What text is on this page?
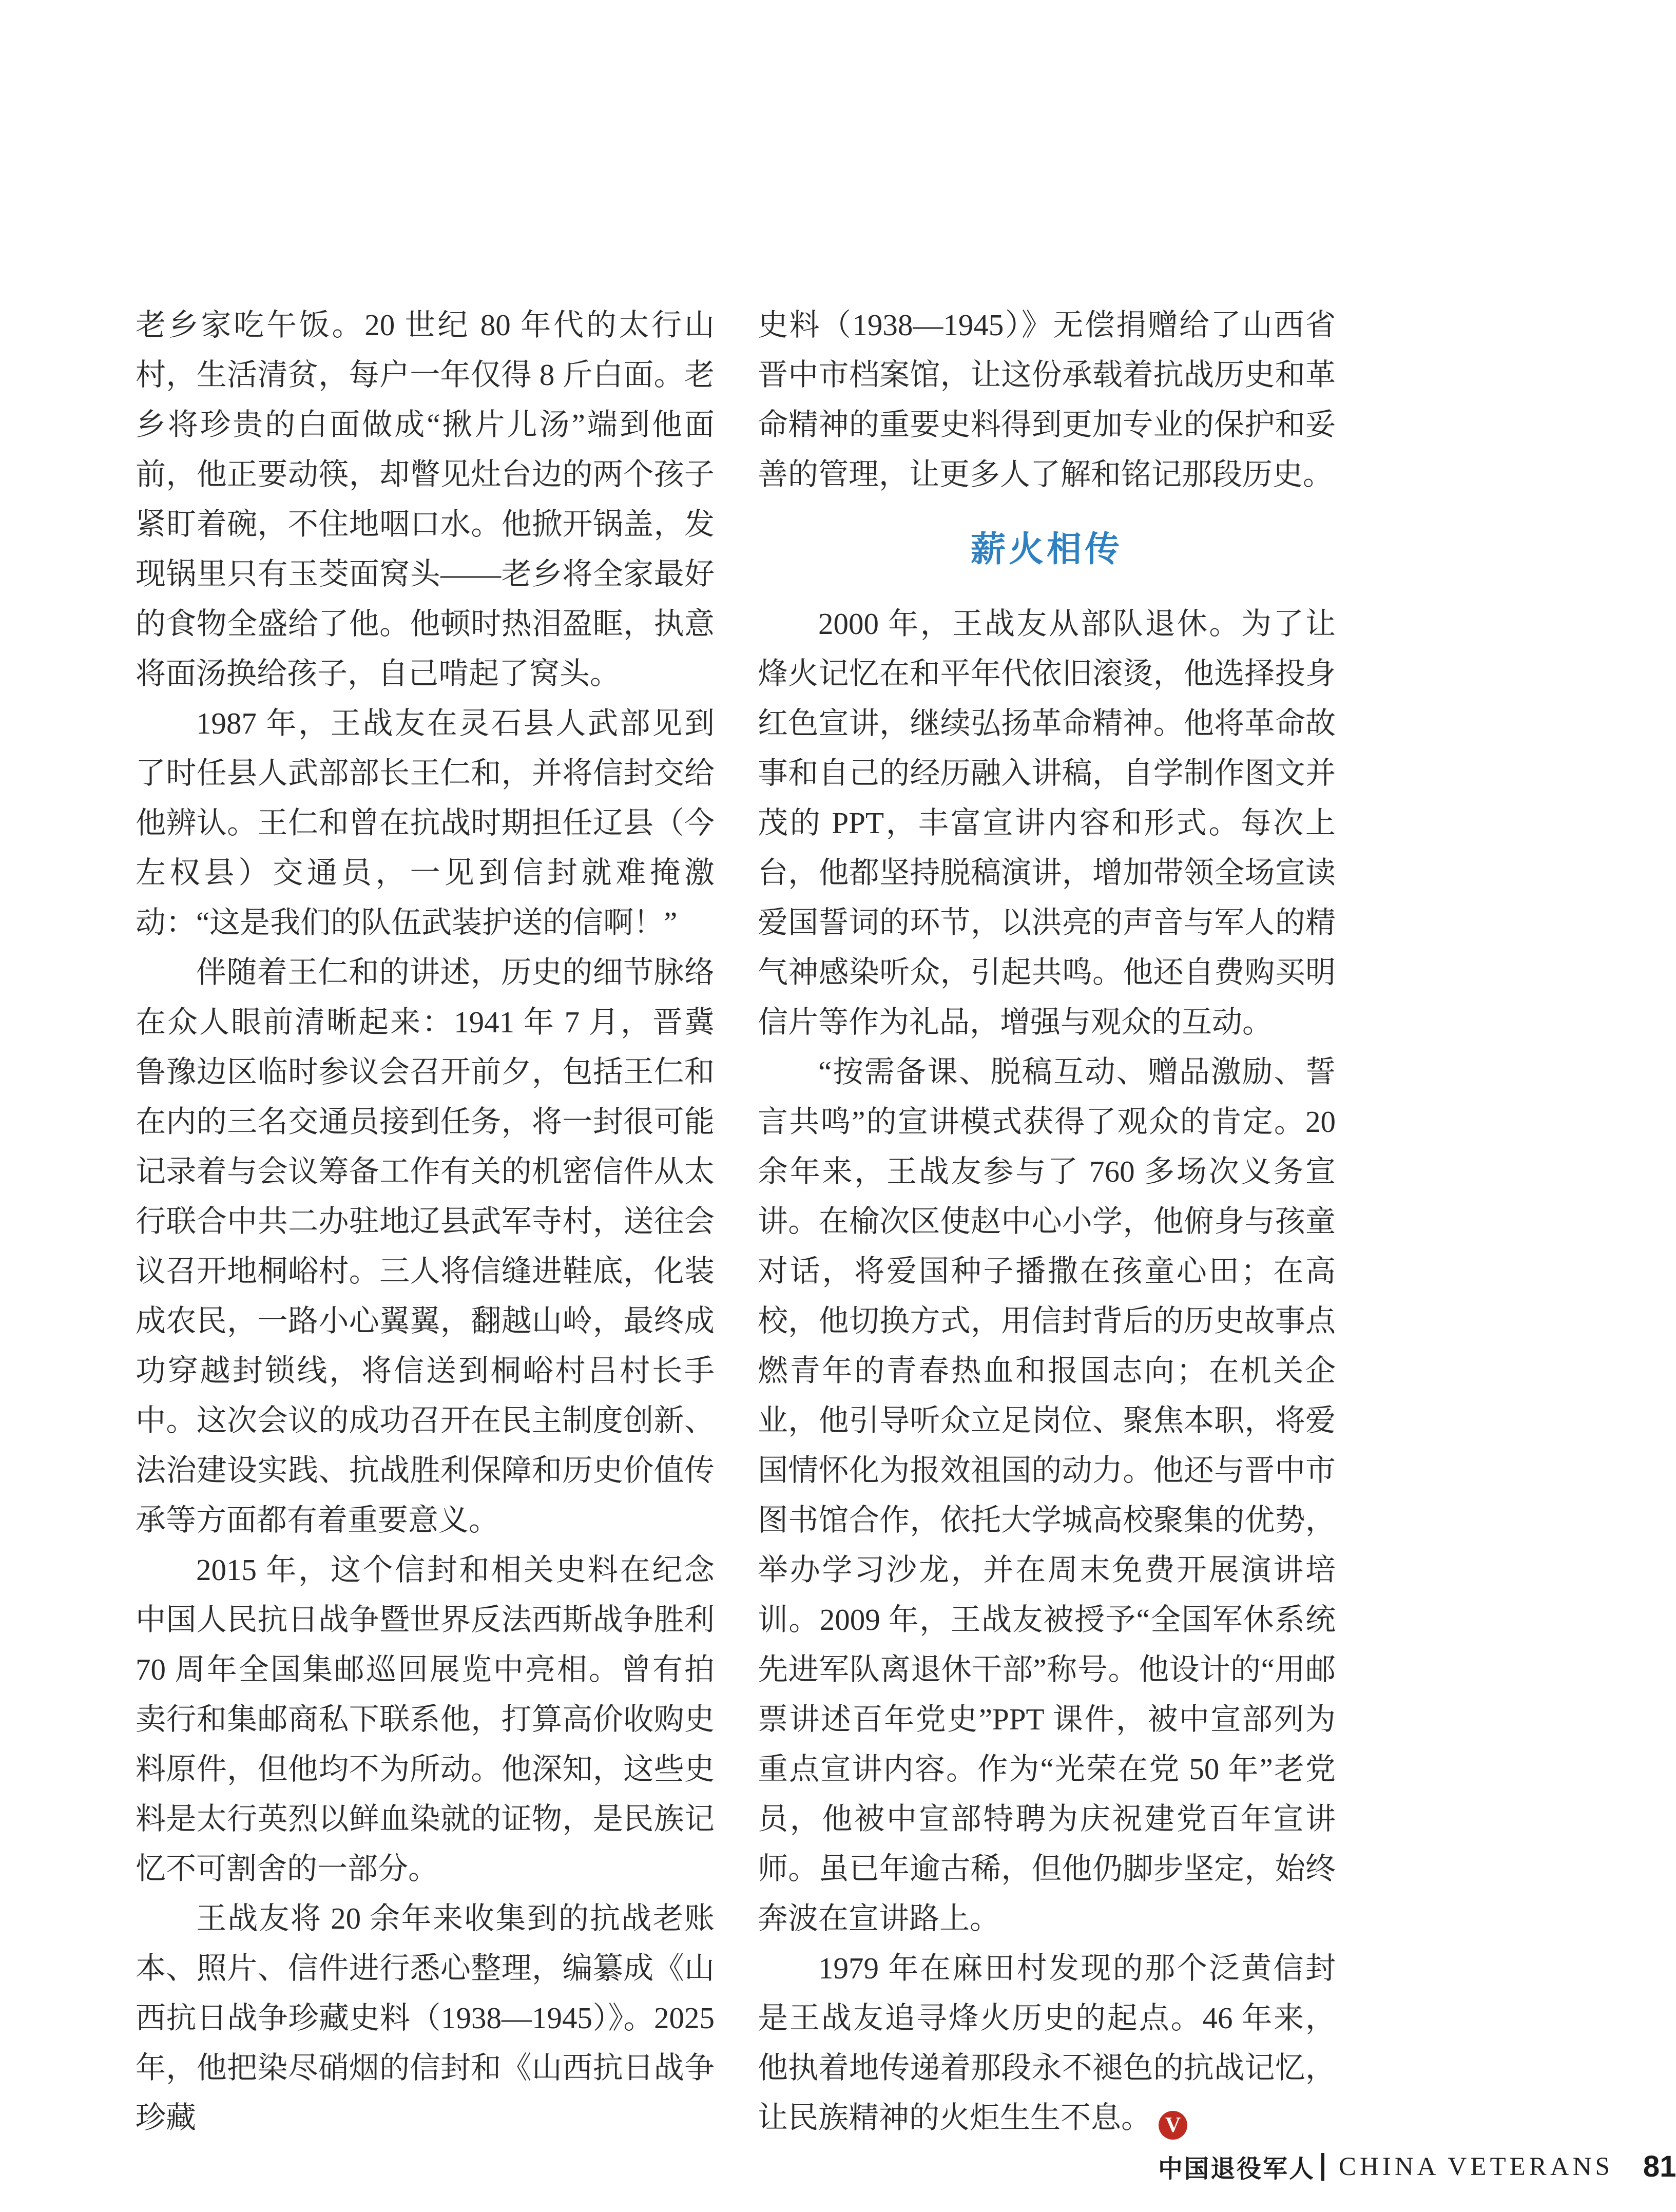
老乡家吃午饭。20 世纪 80 年代的太行山村，生活清贫，每户一年仅得 8 斤白面。老乡将珍贵的白面做成“揪片儿汤”端到他面前，他正要动筷，却瞥见灶台边的两个孩子紧盯着碗，不住地咽口水。他掀开锅盖，发现锅里只有玉茭面窝头——老乡将全家最好的食物全盛给了他。他顿时热泪盈眶，执意将面汤换给孩子，自己啃起了窝头。

1987 年，王战友在灵石县人武部见到了时任县人武部部长王仁和，并将信封交给他辨认。王仁和曾在抗战时期担任辽县（今左权县）交通员，一见到信封就难掩激动：“这是我们的队伍武装护送的信啊！”

伴随着王仁和的讲述，历史的细节脉络在众人眼前清晰起来：1941 年 7 月，晋冀鲁豫边区临时参议会召开前夕，包括王仁和在内的三名交通员接到任务，将一封很可能记录着与会议筹备工作有关的机密信件从太行联合中共二办驻地辽县武军寺村，送往会议召开地桐峪村。三人将信缝进鞋底，化装成农民，一路小心翼翼，翻越山岭，最终成功穿越封锁线，将信送到桐峪村吕村长手中。这次会议的成功召开在民主制度创新、法治建设实践、抗战胜利保障和历史价值传承等方面都有着重要意义。

2015 年，这个信封和相关史料在纪念中国人民抗日战争暨世界反法西斯战争胜利 70 周年全国集邮巡回展览中亮相。曾有拍卖行和集邮商私下联系他，打算高价收购史料原件，但他均不为所动。他深知，这些史料是太行英烈以鲜血染就的证物，是民族记忆不可割舍的一部分。

王战友将 20 余年来收集到的抗战老账本、照片、信件进行悉心整理，编纂成《山西抗日战争珍藏史料（1938—1945）》。2025 年，他把染尽硝烟的信封和《山西抗日战争珍藏

史料（1938—1945）》无偿捐赠给了山西省晋中市档案馆，让这份承载着抗战历史和革命精神的重要史料得到更加专业的保护和妥善的管理，让更多人了解和铭记那段历史。

薪火相传

2000 年，王战友从部队退休。为了让烽火记忆在和平年代依旧滚烫，他选择投身红色宣讲，继续弘扬革命精神。他将革命故事和自己的经历融入讲稿，自学制作图文并茂的 PPT，丰富宣讲内容和形式。每次上台，他都坚持脱稿演讲，增加带领全场宣读爱国誓词的环节，以洪亮的声音与军人的精气神感染听众，引起共鸣。他还自费购买明信片等作为礼品，增强与观众的互动。

“按需备课、脱稿互动、赠品激励、誓言共鸣”的宣讲模式获得了观众的肯定。20 余年来，王战友参与了 760 多场次义务宣讲。在榆次区使赵中心小学，他俯身与孩童对话，将爱国种子播撒在孩童心田；在高校，他切换方式，用信封背后的历史故事点燃青年的青春热血和报国志向；在机关企业，他引导听众立足岗位、聚焦本职，将爱国情怀化为报效祖国的动力。他还与晋中市图书馆合作，依托大学城高校聚集的优势，举办学习沙龙，并在周末免费开展演讲培训。2009 年，王战友被授予“全国军休系统先进军队离退休干部”称号。他设计的“用邮票讲述百年党史”PPT 课件，被中宣部列为重点宣讲内容。作为“光荣在党 50 年”老党员，他被中宣部特聘为庆祝建党百年宣讲师。虽已年逾古稀，但他仍脚步坚定，始终奔波在宣讲路上。

1979 年在麻田村发现的那个泛黄信封是王战友追寻烽火历史的起点。46 年来，他执着地传递着那段永不褪色的抗战记忆，让民族精神的火炬生生不息。 V

中国退役军人 CHINA VETERANS 81
